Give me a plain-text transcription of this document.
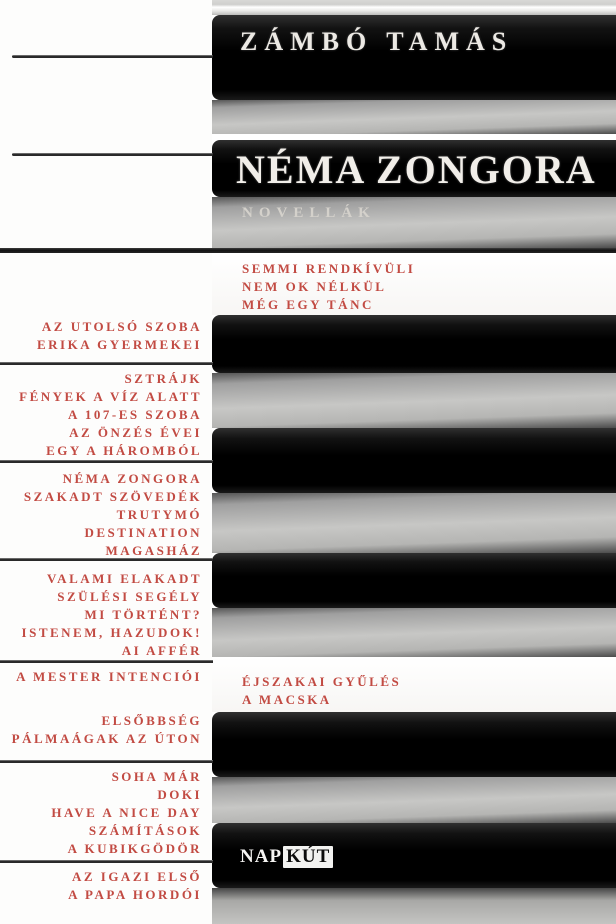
ZÁMBÓ TAMÁS
NÉMA ZONGORA
NOVELLÁK
AZ UTOLSÓ SZOBA
ERIKA GYERMEKEI
SZTRÁJK
FÉNYEK A VÍZ ALATT
A 107-ES SZOBA
AZ ÖNZÉS ÉVEI
EGY A HÁROMBÓL
NÉMA ZONGORA
SZAKADT SZÖVEDÉK
TRUTYMÓ
DESTINATION
MAGASHÁZ
VALAMI ELAKADT
SZÜLÉSI SEGÉLY
MI TÖRTÉNT?
ISTENEM, HAZUDOK!
AI AFFÉR
A MESTER INTENCIÓI
ELSŐBBSÉG
PÁLMAÁGAK AZ ÚTON
SOHA MÁR
DOKI
HAVE A NICE DAY
SZÁMÍTÁSOK
A KUBIKGÖDÖR
AZ IGAZI ELSŐ
A PAPA HORDÓI
SEMMI RENDKÍVÜLI
NEM OK NÉLKÜL
MÉG EGY TÁNC
ÉJSZAKAI GYŰLÉS
A MACSKA
NAP KÚT
